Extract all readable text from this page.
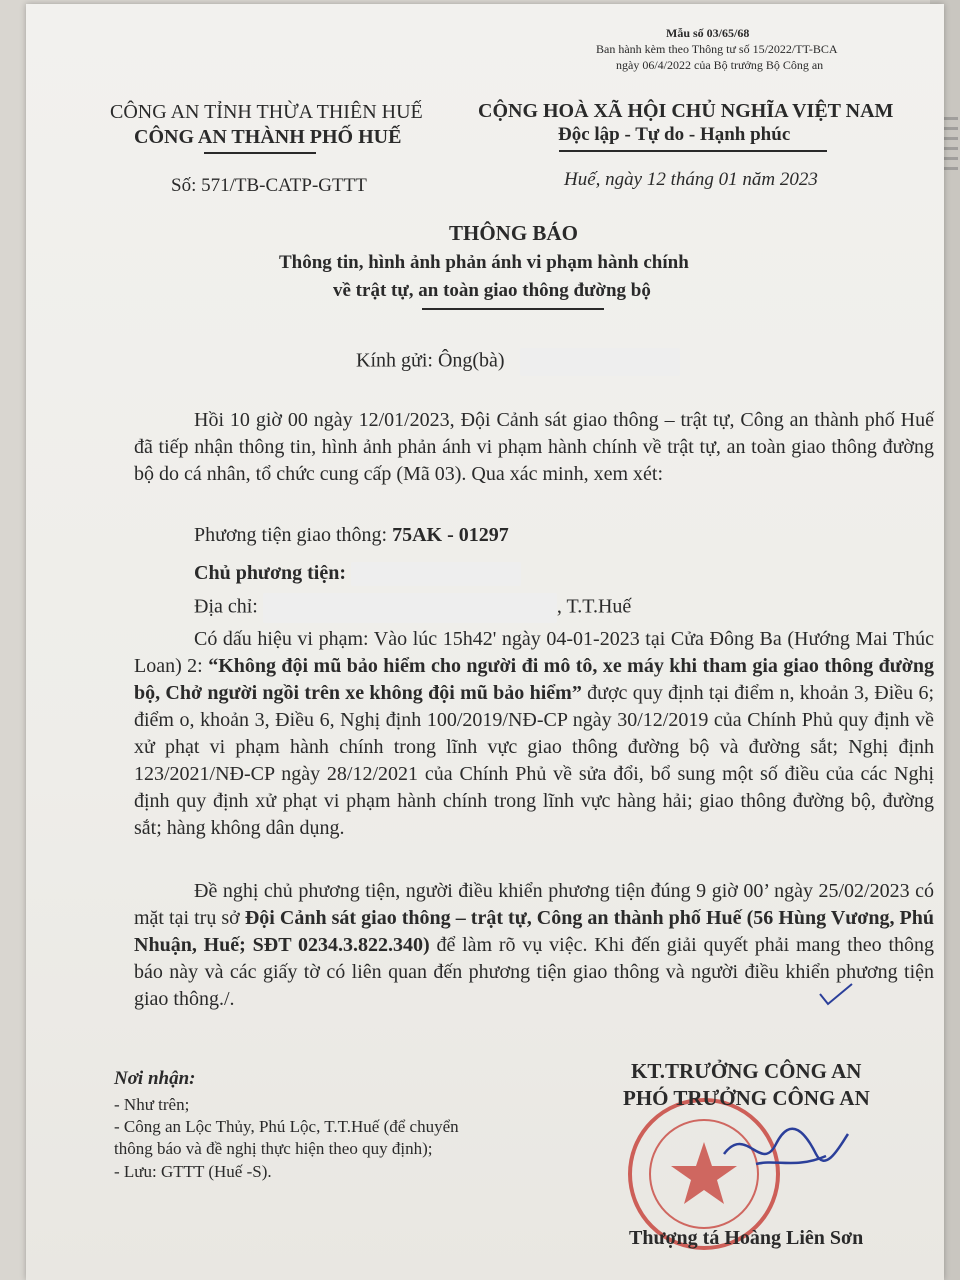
Mẫu số 03/65/68
Ban hành kèm theo Thông tư số 15/2022/TT-BCA
ngày 06/4/2022 của Bộ trưởng Bộ Công an
CÔNG AN TỈNH THỪA THIÊN HUẾ
CÔNG AN THÀNH PHỐ HUẾ
CỘNG HOÀ XÃ HỘI CHỦ NGHĨA VIỆT NAM
Độc lập - Tự do - Hạnh phúc
Số: 571/TB-CATP-GTTT	Huế, ngày 12 tháng 01 năm 2023
THÔNG BÁO
Thông tin, hình ảnh phản ánh vi phạm hành chính
về trật tự, an toàn giao thông đường bộ
Kính gửi: Ông(bà)
Hồi 10 giờ 00 ngày 12/01/2023, Đội Cảnh sát giao thông – trật tự, Công an thành phố Huế đã tiếp nhận thông tin, hình ảnh phản ánh vi phạm hành chính về trật tự, an toàn giao thông đường bộ do cá nhân, tổ chức cung cấp (Mã 03). Qua xác minh, xem xét:
Phương tiện giao thông: 75AK - 01297
Chủ phương tiện:
Địa chỉ:	, T.T.Huế
Có dấu hiệu vi phạm: Vào lúc 15h42' ngày 04-01-2023 tại Cửa Đông Ba (Hướng Mai Thúc Loan) 2: “Không đội mũ bảo hiểm cho người đi mô tô, xe máy khi tham gia giao thông đường bộ, Chở người ngồi trên xe không đội mũ bảo hiểm” được quy định tại điểm n, khoản 3, Điều 6; điểm o, khoản 3, Điều 6, Nghị định 100/2019/NĐ-CP ngày 30/12/2019 của Chính Phủ quy định về xử phạt vi phạm hành chính trong lĩnh vực giao thông đường bộ và đường sắt; Nghị định 123/2021/NĐ-CP ngày 28/12/2021 của Chính Phủ về sửa đổi, bổ sung một số điều của các Nghị định quy định xử phạt vi phạm hành chính trong lĩnh vực hàng hải; giao thông đường bộ, đường sắt; hàng không dân dụng.
Đề nghị chủ phương tiện, người điều khiển phương tiện đúng 9 giờ 00’ ngày 25/02/2023 có mặt tại trụ sở Đội Cảnh sát giao thông – trật tự, Công an thành phố Huế (56 Hùng Vương, Phú Nhuận, Huế; SĐT 0234.3.822.340) để làm rõ vụ việc. Khi đến giải quyết phải mang theo thông báo này và các giấy tờ có liên quan đến phương tiện giao thông và người điều khiển phương tiện giao thông./.
Nơi nhận:
- Như trên;
- Công an Lộc Thủy, Phú Lộc, T.T.Huế (để chuyển
thông báo và đề nghị thực hiện theo quy định);
- Lưu: GTTT (Huế -S).
KT.TRƯỞNG CÔNG AN
PHÓ TRƯỞNG CÔNG AN
Thượng tá Hoàng Liên Sơn
